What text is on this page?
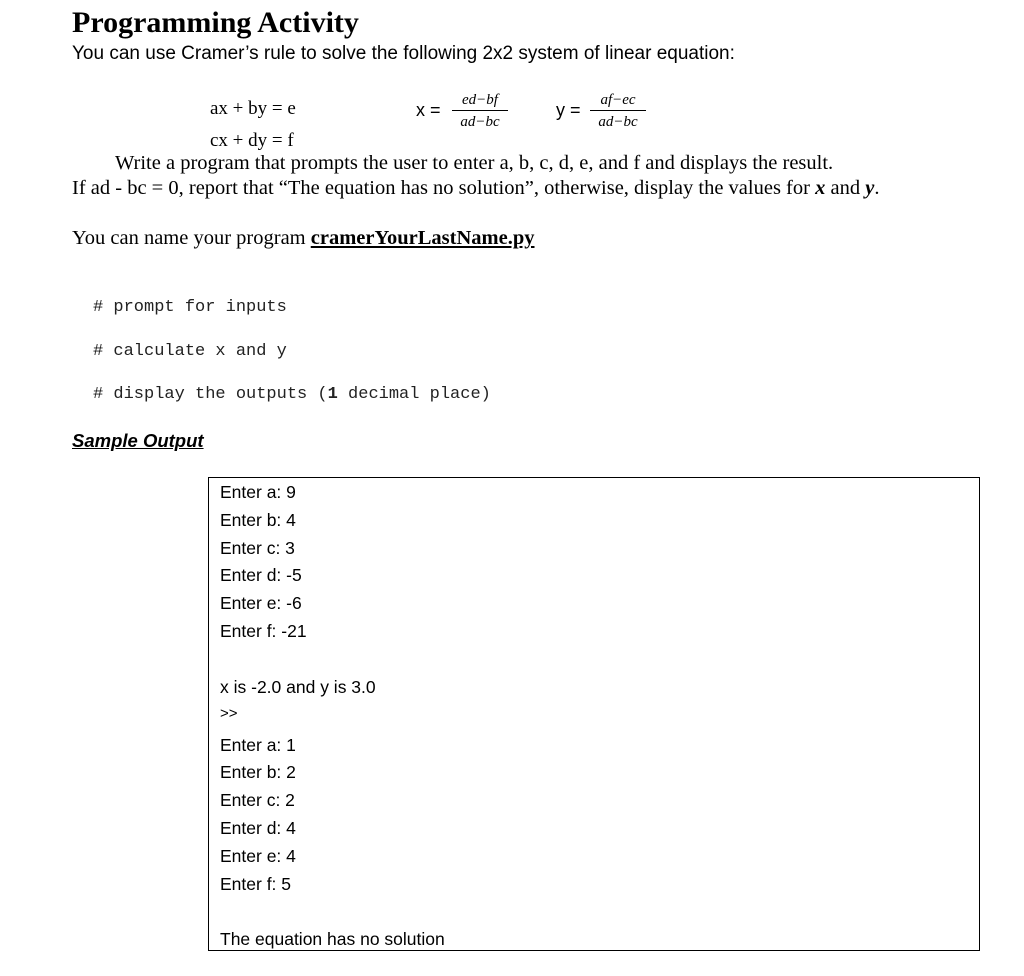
Programming Activity
You can use Cramer’s rule to solve the following 2x2 system of linear equation:
ax + by = e
cx + dy = f
x =	ed−bf
ad−bc
y =	af−ec
ad−bc
Write a program that prompts the user to enter a, b, c, d, e, and f and displays the result.
If ad - bc = 0, report that “The equation has no solution”, otherwise, display the values for x and y.
You can name your program cramerYourLastName.py
# prompt for inputs
# calculate x and y
# display the outputs (1 decimal place)
Sample Output
Enter a: 9
Enter b: 4
Enter c: 3
Enter d: -5
Enter e: -6
Enter f: -21
x is -2.0 and y is 3.0
>>
Enter a: 1
Enter b: 2
Enter c: 2
Enter d: 4
Enter e: 4
Enter f: 5
The equation has no solution
